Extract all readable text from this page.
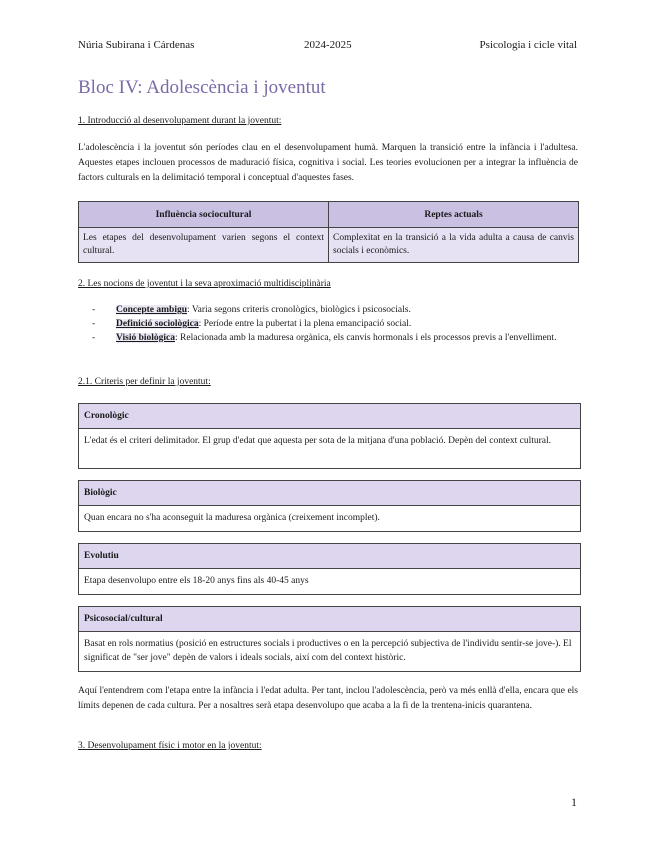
Núria Subirana i Cárdenas	2024-2025	Psicologia i cicle vital
Bloc IV: Adolescència i joventut
1. Introducció al desenvolupament durant la joventut:

L'adolescència i la joventut són períodes clau en el desenvolupament humà. Marquen la transició entre la infància i l'adultesa. Aquestes etapes inclouen processos de maduració física, cognitiva i social. Les teories evolucionen per a integrar la influència de factors culturals en la delimitació temporal i conceptual d'aquestes fases.

Influència sociocultural	Reptes actuals
Les etapes del desenvolupament varien segons el context cultural.	Complexitat en la transició a la vida adulta a causa de canvis socials i econòmics.
2. Les nocions de joventut i la seva aproximació multidisciplinària
- Concepte ambigu: Varia segons criteris cronològics, biològics i psicosocials.
- Definició sociològica: Període entre la pubertat i la plena emancipació social.
- Visió biològica: Relacionada amb la maduresa orgànica, els canvis hormonals i els processos previs a l'envelliment.
2.1. Criteris per definir la joventut:
Cronològic
L'edat és el criteri delimitador. El grup d'edat que aquesta per sota de la mitjana d'una població. Depèn del context cultural.
Biològic
Quan encara no s'ha aconseguit la maduresa orgànica (creixement incomplet).
Evolutiu
Etapa desenvolupo entre els 18-20 anys fins als 40-45 anys
Psicosocial/cultural
Basat en rols normatius (posició en estructures socials i productives o en la percepció subjectiva de l'individu sentir-se jove-). El significat de "ser jove" depèn de valors i ideals socials, així com del context històric.

Aquí l'entendrem com l'etapa entre la infància i l'edat adulta. Per tant, inclou l'adolescència, però va més enllà d'ella, encara que els límits depenen de cada cultura. Per a nosaltres serà etapa desenvolupo que acaba a la fi de la trentena-inicis quarantena.

3. Desenvolupament físic i motor en la joventut:
1
